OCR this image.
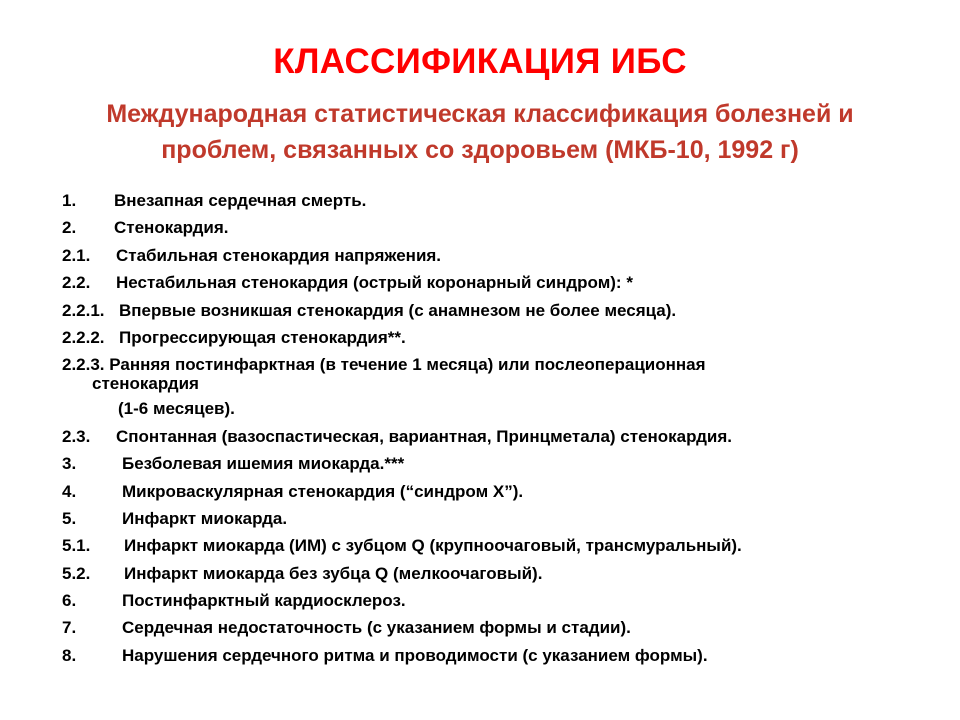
КЛАССИФИКАЦИЯ ИБС
Международная статистическая классификация болезней и
проблем, связанных со здоровьем (МКБ-10, 1992 г)
1. Внезапная сердечная смерть.
2. Стенокардия.
2.1. Стабильная стенокардия напряжения.
2.2. Нестабильная стенокардия (острый коронарный синдром): *
2.2.1. Впервые возникшая стенокардия (с анамнезом не более месяца).
2.2.2. Прогрессирующая стенокардия**.
2.2.3. Ранняя постинфарктная (в течение 1 месяца) или послеоперационная
стенокардия
(1-6 месяцев).
2.3. Спонтанная (вазоспастическая, вариантная, Принцметала) стенокардия.
3.	Безболевая ишемия миокарда.***
4.	Микроваскулярная стенокардия (“синдром Х”).
5.	Инфаркт миокарда.
5.1. Инфаркт миокарда (ИМ) с зубцом Q (крупноочаговый, трансмуральный).
5.2. Инфаркт миокарда без зубца Q (мелкоочаговый).
6.	Постинфарктный кардиосклероз.
7.	Сердечная недостаточность (с указанием формы и стадии).
8.	Нарушения сердечного ритма и проводимости (с указанием формы).
